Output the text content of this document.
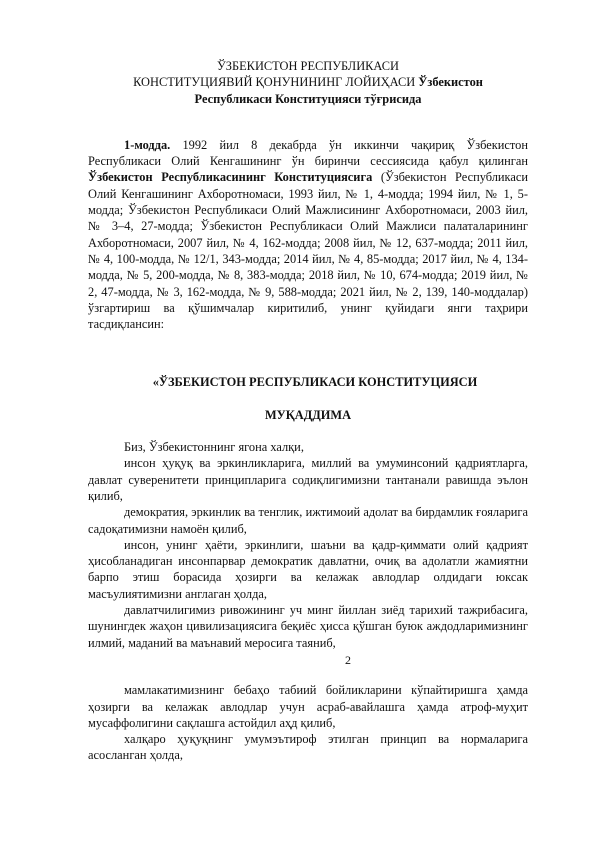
ЎЗБЕКИСТОН РЕСПУБЛИКАСИ
КОНСТИТУЦИЯВИЙ ҚОНУНИНИНГ ЛОЙИҲАСИ Ўзбекистон
Республикаси Конституцияси тўғрисида

1-модда. 1992 йил 8 декабрда ўн иккинчи чақириқ Ўзбекистон Республикаси Олий Кенгашининг ўн биринчи сессиясида қабул қилинган Ўзбекистон Республикасининг Конституциясига (Ўзбекистон Республикаси Олий Кенгашининг Ахборотномаси, 1993 йил, № 1, 4-модда; 1994 йил, № 1, 5-модда; Ўзбекистон Республикаси Олий Мажлисининг Ахборотномаси, 2003 йил, № 3–4, 27-модда; Ўзбекистон Республикаси Олий Мажлиси палаталарининг Ахборотномаси, 2007 йил, № 4, 162-модда; 2008 йил, № 12, 637-модда; 2011 йил, № 4, 100-модда, № 12/1, 343-модда; 2014 йил, № 4, 85-модда; 2017 йил, № 4, 134-модда, № 5, 200-модда, № 8, 383-модда; 2018 йил, № 10, 674-модда; 2019 йил, № 2, 47-модда, № 3, 162-модда, № 9, 588-модда; 2021 йил, № 2, 139, 140-моддалар) ўзгартириш ва қўшимчалар киритилиб, унинг қуйидаги янги таҳрири тасдиқлансин:

«ЎЗБЕКИСТОН РЕСПУБЛИКАСИ КОНСТИТУЦИЯСИ
МУҚАДДИМА

Биз, Ўзбекистоннинг ягона халқи,

инсон ҳуқуқ ва эркинликларига, миллий ва умуминсоний қадриятларга, давлат суверенитети принципларига содиқлигимизни тантанали равишда эълон қилиб,

демократия, эркинлик ва тенглик, ижтимоий адолат ва бирдамлик ғояларига садоқатимизни намоён қилиб,

инсон, унинг ҳаёти, эркинлиги, шаъни ва қадр-қиммати олий қадрият ҳисобланадиган инсонпарвар демократик давлатни, очиқ ва адолатли жамиятни барпо этиш борасида ҳозирги ва келажак авлодлар олдидаги юксак масъулиятимизни англаган ҳолда,

давлатчилигимиз ривожининг уч минг йиллан зиёд тарихий тажрибасига, шунингдек жаҳон цивилизациясига беқиёс ҳисса қўшган буюк аждодларимизнинг илмий, маданий ва маънавий меросига таяниб,

2

мамлакатимизнинг бебаҳо табиий бойликларини кўпайтиришга ҳамда ҳозирги ва келажак авлодлар учун асраб-авайлашга ҳамда атроф-муҳит мусаффолигини сақлашга астойдил аҳд қилиб,

халқаро ҳуқуқнинг умумэътироф этилган принцип ва нормаларига асосланган ҳолда,
